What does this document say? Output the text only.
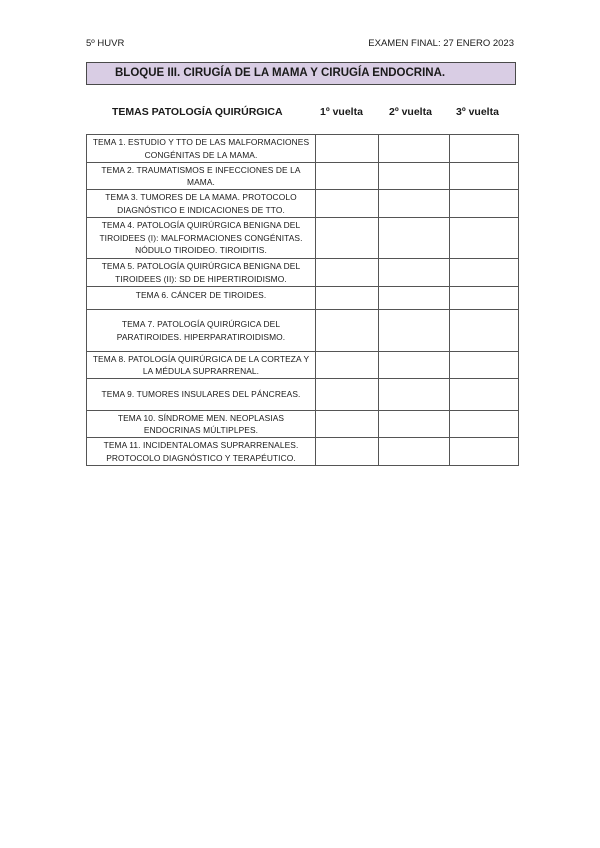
5º HUVR	EXAMEN FINAL: 27 ENERO 2023
BLOQUE III. CIRUGÍA DE LA MAMA Y CIRUGÍA ENDOCRINA.
TEMAS PATOLOGÍA QUIRÚRGICA	1º vuelta 2º vuelta 3º vuelta
TEMA 1. ESTUDIO Y TTO DE LAS MALFORMACIONES CONGÉNITAS DE LA MAMA.			
TEMA 2. TRAUMATISMOS E INFECCIONES DE LA MAMA.			
TEMA 3. TUMORES DE LA MAMA. PROTOCOLO DIAGNÓSTICO E INDICACIONES DE TTO.			
TEMA 4. PATOLOGÍA QUIRÚRGICA BENIGNA DEL TIROIDEES (I): MALFORMACIONES CONGÉNITAS. NÓDULO TIROIDEO. TIROIDITIS.			
TEMA 5. PATOLOGÍA QUIRÚRGICA BENIGNA DEL TIROIDEES (II): SD DE HIPERTIROIDISMO.			
TEMA 6. CÁNCER DE TIROIDES.			
TEMA 7. PATOLOGÍA QUIRÚRGICA DEL PARATIROIDES. HIPERPARATIROIDISMO.			
TEMA 8. PATOLOGÍA QUIRÚRGICA DE LA CORTEZA Y LA MÉDULA SUPRARRENAL.			
TEMA 9. TUMORES INSULARES DEL PÁNCREAS.			
TEMA 10. SÍNDROME MEN. NEOPLASIAS ENDOCRINAS MÚLTIPLPES.			
TEMA 11. INCIDENTALOMAS SUPRARRENALES. PROTOCOLO DIAGNÓSTICO Y TERAPÉUTICO.			
